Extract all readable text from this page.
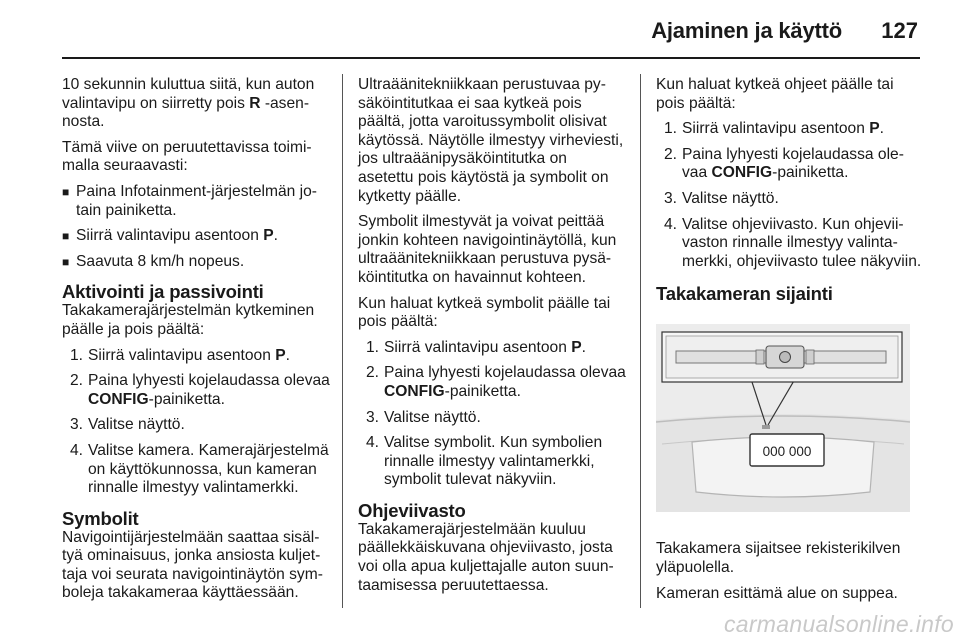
Ajaminen ja käyttö 127

10 sekunnin kuluttua siitä, kun auton valintavipu on siirretty pois R -asennosta.

Tämä viive on peruutettavissa toimimalla seuraavasti:

■ Paina Infotainment-järjestelmän jotain painiketta.
■ Siirrä valintavipu asentoon P.
■ Saavuta 8 km/h nopeus.
Aktivointi ja passivointi

Takakamerajärjestelmän kytkeminen päälle ja pois päältä:

1. Siirrä valintavipu asentoon P.
2. Paina lyhyesti kojelaudassa olevaa CONFIG-painiketta.
3. Valitse näyttö.
4. Valitse kamera. Kamerajärjestelmä on käyttökunnossa, kun kameran rinnalle ilmestyy valintamerkki.
Symbolit

Navigointijärjestelmään saattaa sisältyä ominaisuus, jonka ansiosta kuljettaja voi seurata navigointinäytön symboleja takakameraa käyttäessään.

Ultraäänitekniikkaan perustuvaa pysäköintitutkaa ei saa kytkeä pois päältä, jotta varoitussymbolit olisivat käytössä. Näytölle ilmestyy virheviesti, jos ultraäänipysäköintitutka on asetettu pois käytöstä ja symbolit on kytketty päälle.

Symbolit ilmestyvät ja voivat peittää jonkin kohteen navigointinäytöllä, kun ultraäänitekniikkaan perustuva pysäköintitutka on havainnut kohteen.

Kun haluat kytkeä symbolit päälle tai pois päältä:

1. Siirrä valintavipu asentoon P.
2. Paina lyhyesti kojelaudassa olevaa CONFIG-painiketta.
3. Valitse näyttö.
4. Valitse symbolit. Kun symbolien rinnalle ilmestyy valintamerkki, symbolit tulevat näkyviin.
Ohjeviivasto

Takakamerajärjestelmään kuuluu päällekkäiskuvana ohjeviivasto, josta voi olla apua kuljettajalle auton suuntaamisessa peruutettaessa.

Kun haluat kytkeä ohjeet päälle tai pois päältä:

1. Siirrä valintavipu asentoon P.
2. Paina lyhyesti kojelaudassa olevaa CONFIG-painiketta.
3. Valitse näyttö.
4. Valitse ohjeviivasto. Kun ohjeviivaston rinnalle ilmestyy valintamerkki, ohjeviivasto tulee näkyviin.
Takakameran sijainti
000 000

Takakamera sijaitsee rekisterikilven yläpuolella.

Kameran esittämä alue on suppea.

carmanualsonline.info
